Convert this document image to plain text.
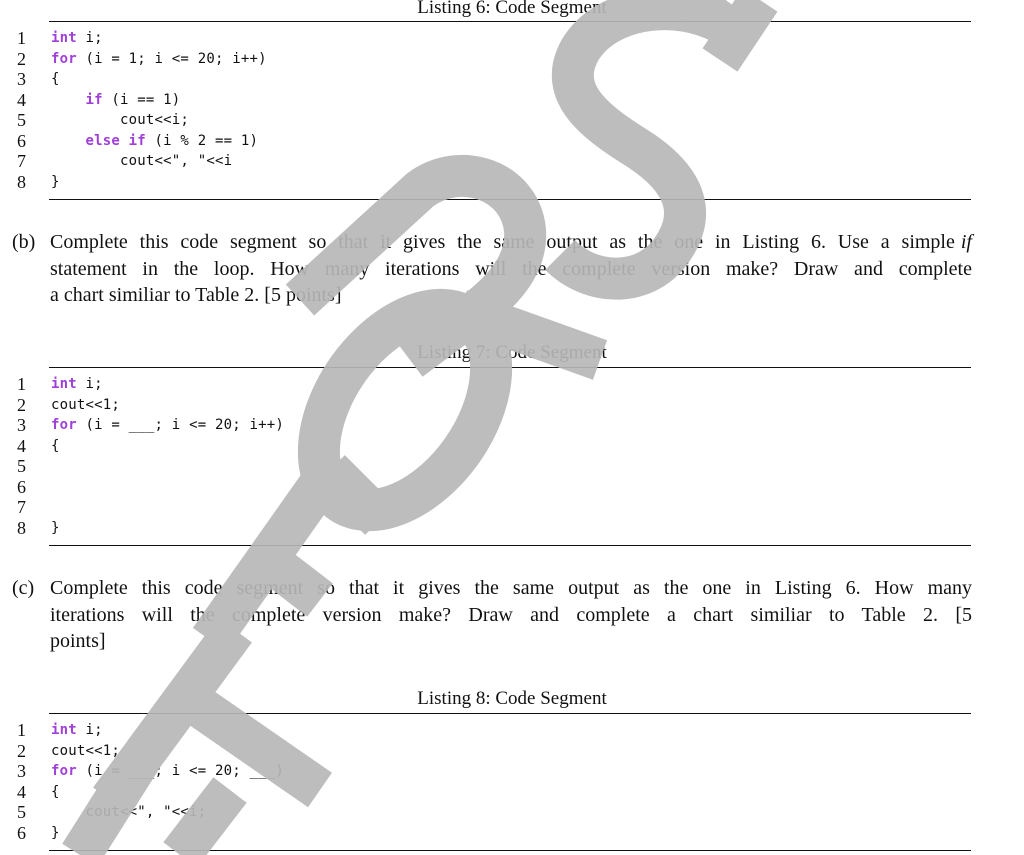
Listing 6: Code Segment
1 int i;
2 for (i = 1; i <= 20; i++)
3 {
4	if (i == 1)
5 cout<<i;
6	else if (i % 2 == 1)
7 cout<<", "<<i
8 }
(b) Complete this code segment so that it gives the same output as the one in Listing 6. Use a simple if
statement in the loop. How many iterations will the complete version make? Draw and complete
a chart similiar to Table 2. [5 points]
Listing 7: Code Segment
1 int i;
2 cout<<1;
3 for (i = ___; i <= 20; i++)
4 {
5
6
7
8 }
(c) Complete this code segment so that it gives the same output as the one in Listing 6. How many
iterations will the complete version make? Draw and complete a chart similiar to Table 2. [5
points]
Listing 8: Code Segment
1 int i;
2 cout<<1;
3 for (i = ___; i <= 20; ___)
4 {
5 cout<<", "<<i;
6 }
